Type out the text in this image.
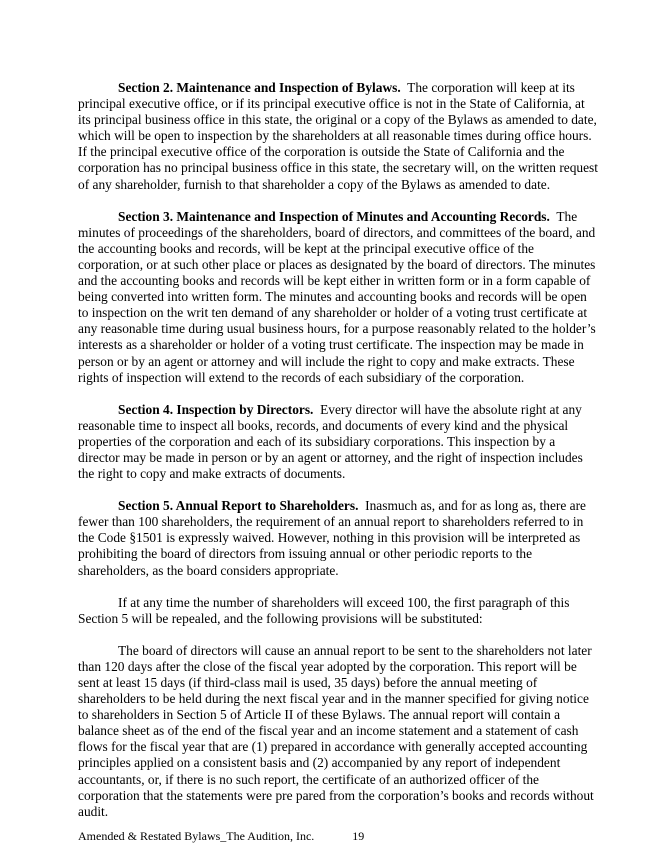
Section 2. Maintenance and Inspection of Bylaws.  The corporation will keep at its
principal executive office, or if its principal executive office is not in the State of California, at
its principal business office in this state, the original or a copy of the Bylaws as amended to date,
which will be open to inspection by the shareholders at all reasonable times during office hours.
If the principal executive office of the corporation is outside the State of California and the
corporation has no principal business office in this state, the secretary will, on the written request
of any shareholder, furnish to that shareholder a copy of the Bylaws as amended to date.
Section 3. Maintenance and Inspection of Minutes and Accounting Records.  The
minutes of proceedings of the shareholders, board of directors, and committees of the board, and
the accounting books and records, will be kept at the principal executive office of the
corporation, or at such other place or places as designated by the board of directors. The minutes
and the accounting books and records will be kept either in written form or in a form capable of
being converted into written form. The minutes and accounting books and records will be open
to inspection on the writ ten demand of any shareholder or holder of a voting trust certificate at
any reasonable time during usual business hours, for a purpose reasonably related to the holder’s
interests as a shareholder or holder of a voting trust certificate. The inspection may be made in
person or by an agent or attorney and will include the right to copy and make extracts. These
rights of inspection will extend to the records of each subsidiary of the corporation.
Section 4. Inspection by Directors.  Every director will have the absolute right at any
reasonable time to inspect all books, records, and documents of every kind and the physical
properties of the corporation and each of its subsidiary corporations. This inspection by a
director may be made in person or by an agent or attorney, and the right of inspection includes
the right to copy and make extracts of documents.
Section 5. Annual Report to Shareholders.  Inasmuch as, and for as long as, there are
fewer than 100 shareholders, the requirement of an annual report to shareholders referred to in
the Code §1501 is expressly waived. However, nothing in this provision will be interpreted as
prohibiting the board of directors from issuing annual or other periodic reports to the
shareholders, as the board considers appropriate.
If at any time the number of shareholders will exceed 100, the first paragraph of this
Section 5 will be repealed, and the following provisions will be substituted:
The board of directors will cause an annual report to be sent to the shareholders not later
than 120 days after the close of the fiscal year adopted by the corporation. This report will be
sent at least 15 days (if third-class mail is used, 35 days) before the annual meeting of
shareholders to be held during the next fiscal year and in the manner specified for giving notice
to shareholders in Section 5 of Article II of these Bylaws. The annual report will contain a
balance sheet as of the end of the fiscal year and an income statement and a statement of cash
flows for the fiscal year that are (1) prepared in accordance with generally accepted accounting
principles applied on a consistent basis and (2) accompanied by any report of independent
accountants, or, if there is no such report, the certificate of an authorized officer of the
corporation that the statements were pre pared from the corporation’s books and records without
audit.
Amended & Restated Bylaws_The Audition, Inc.	19
